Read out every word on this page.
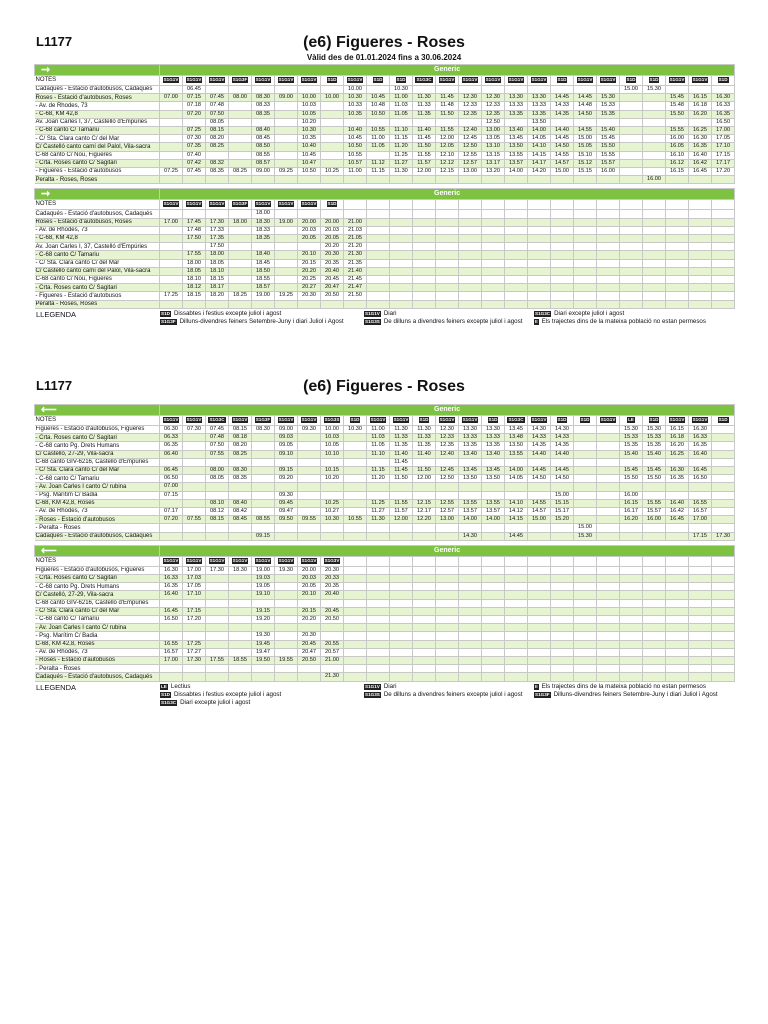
L1177	(e6) Figueres - Roses
Vàlid des de 01.01.2024 fins a 30.06.2024
➞	Generic																								
NOTES	S1G1V	S1G1V	S1G1V	S1G3F	S1G1V	S1G1V	S1G1V	S1D	S1G1V	S1D	S1D	S1G3C	S1G1V	S1G1V	S1G1V	S1G1V	S1G1V	S1D	S1G1V	S1G1V	S1D	S1D	S1G1V	S1G1V	S1D
Cadaqués - Estació d'autobusos, Cadaqués		06.45							10.00		10.30										15.00	15.30			
Roses - Estació d'autobusos, Roses	07.00	07.15	07.45	08.00	08.30	09.00	10.00	10.00	10.30	10.45	11.00	11.30	11.45	12.30	12.30	13.30	13.30	14.45	14.45	15.30			15.45	16.15	16.30
- Av. de Rhodes, 73		07.18	07.48		08.33		10.03		10.33	10.48	11.03	11.33	11.48	12.33	12.33	13.33	13.33	14.33	14.48	15.33			15.48	16.18	16.33
- C-68, KM 42,8		07.20	07.50		08.35		10.05		10.35	10.50	11.05	11.35	11.50	12.35	12.35	13.35	13.35	14.35	14.50	15.35			15.50	16.20	16.35
Av. Joan Carles I, 37, Castelló d'Empúries			08.05				10.20								12.50		13.50								16.50
- C-68 canto C/ Tamariu		07.25	08.15		08.40		10.30		10.40	10.55	11.10	11.40	11.55	12.40	13.00	13.40	14.00	14.40	14.55	15.40			15.55	16.25	17.00
- C/ Sta. Clara canto C/ del Mar		07.30	08.20		08.45		10.35		10.45	11.00	11.15	11.45	12.00	12.45	13.05	13.45	14.05	14.45	15.00	15.45			16.00	16.30	17.05
C/ Castelló canto camí del Palol, Vila-sacra		07.35	08.25		08.50		10.40		10.50	11.05	11.20	11.50	12.05	12.50	13.10	13.50	14.10	14.50	15.05	15.50			16.05	16.35	17.10
C-68 canto C/ Nou, Figueres		07.40			08.55		10.45		10.55		11.25	11.55	12.10	12.55	13.15	13.55	14.15	14.55	15.10	15.55			16.10	16.40	17.15
- Crta. Roses canto C/ Sagitari		07.42	08.32		08.57		10.47		10.57	11.12	11.27	11.57	12.12	12.57	13.17	13.57	14.17	14.57	15.12	15.57			16.12	16.42	17.17
- Figueres - Estació d'autobusos	07.25	07.45	08.35	08.25	09.00	09.25	10.50	10.25	11.00	11.15	11.30	12.00	12.15	13.00	13.20	14.00	14.20	15.00	15.15	16.00			16.15	16.45	17.20
Peralta - Roses, Roses																						16.00			
➞	Generic																								
NOTES	S1G1V	S1G1V	S1G1V	S1G3F	S1G1V	S1G1V	S1G1V	S1D																	
Cadaqués - Estació d'autobusos, Cadaqués					18.00																				
Roses - Estació d'autobusos, Roses	17.00	17.45	17.30	18.00	18.30	19.00	20.00	20.00	21.00																
- Av. de Rhodes, 73		17.48	17.33		18.33		20.03	20.03	21.03																
- C-68, KM 42,8		17.50	17.35		18.35		20.05	20.05	21.05																
Av. Joan Carles I, 37, Castelló d'Empúries			17.50					20.20	21.20																
- C-68 canto C/ Tamariu		17.55	18.00		18.40		20.10	20.30	21.30																
- C/ Sta. Clara canto C/ del Mar		18.00	18.05		18.45		20.15	20.35	21.35																
C/ Castelló canto camí del Palol, Vila-sacra		18.05	18.10		18.50		20.20	20.40	21.40																
C-68 canto C/ Nou, Figueres		18.10	18.15		18.55		20.25	20.45	21.45																
- Crta. Roses canto C/ Sagitari		18.12	18.17		18.57		20.27	20.47	21.47																
- Figueres - Estació d'autobusos	17.25	18.15	18.20	18.25	19.00	19.25	20.30	20.50	21.50																
Peralta - Roses, Roses																									
LLEGENDA	S1D Dissabtes i festius excepte juliol i agost	S1G1V Diari	S1G3C Diari excepte juliol i agost
S1G3F Dilluns-divendres feiners Setembre-Juny i diari Juliol i Agost	S1G3S De dilluns a divendres feiners excepte juliol i agost	II Els trajectes dins de la mateixa població no estan permesos
L1177	(e6) Figueres - Roses
⟵	Generic																								
NOTES	S1G1V	S1G1V	S1G3C	S1G1V	S1G3F	S1G1V	S1G1V	S1G3S	S1D	S1G1V	S1G1V	S1D	S1G1V	S1G1V	S1D	S1G3C	S1G1V	S1D	S1D	S1G1V	LE	S1D	S1G1V	S1G1V	S1D
Figueres - Estació d'autobusos, Figueres	06.30	07.30	07.45	08.15	08.30	09.00	09.30	10.00	10.30	11.00	11.30	11.30	12.30	13.30	13.30	13.45	14.30	14.30			15.30	15.30	16.15	16.30	
- Crta. Roses canto C/ Sagitari	06.33		07.48	08.18		09.03		10.03		11.03	11.33	11.33	12.33	13.33	13.33	13.48	14.33	14.33			15.33	15.33	16.18	16.33	
- C-68 canto Pg. Drets Humans	06.35		07.50	08.20		09.05		10.05		11.05	11.35	11.35	12.35	13.35	13.35	13.50	14.35	14.35			15.35	15.35	16.20	16.35	
C/ Castelló, 27-29, Vila-sacra	06.40		07.55	08.25		09.10		10.10		11.10	11.40	11.40	12.40	13.40	13.40	13.55	14.40	14.40			15.40	15.40	16.25	16.40	
C-68 canto GIV-6216, Castelló d'Empúries											11.45														
- C/ Sta. Clara canto C/ del Mar	06.45		08.00	08.30		09.15		10.15		11.15	11.45	11.50	12.45	13.45	13.45	14.00	14.45	14.45			15.45	15.45	16.30	16.45	
- C-68 canto C/ Tamariu	06.50		08.05	08.35		09.20		10.20		11.20	11.50	12.00	12.50	13.50	13.50	14.05	14.50	14.50			15.50	15.50	16.35	16.50	
- Av. Joan Carles I canto C/ rubina	07.00																								
- Psg. Marítim C/ Badia	07.15					09.30												15.00			16.00				
C-68, KM 42,8, Roses			08.10	08.40		09.45		10.25		11.25	11.55	12.15	12.55	13.55	13.55	14.10	14.55	15.15			16.15	15.55	16.40	16.55	
- Av. de Rhodes, 73	07.17		08.12	08.42		09.47		10.27		11.27	11.57	12.17	12.57	13.57	13.57	14.12	14.57	15.17			16.17	15.57	16.42	16.57	
- Roses - Estació d'autobusos	07.20	07.55	08.15	08.45	08.55	09.50	09.55	10.30	10.55	11.30	12.00	12.20	13.00	14.00	14.00	14.15	15.00	15.20			16.20	16.00	16.45	17.00	
- Peralta - Roses																			15.00						
Cadaqués - Estació d'autobusos, Cadaqués					09.15									14.30		14.45			15.30					17.15	17.30
⟵	Generic																								
NOTES	S1G1V	S1G1V	S1G1V	S1G1V	S1G1V	S1G1V	S1G1V	S1G3V																	
Figueres - Estació d'autobusos, Figueres	16.30	17.00	17.30	18.30	19.00	19.30	20.00	20.30																	
- Crta. Roses canto C/ Sagitari	16.33	17.03			19.03		20.03	20.33																	
- C-68 canto Pg. Drets Humans	16.35	17.05			19.05		20.05	20.35																	
C/ Castelló, 27-29, Vila-sacra	16.40	17.10			19.10		20.10	20.40																	
C-68 canto GIV-6216, Castelló d'Empúries																									
- C/ Sta. Clara canto C/ del Mar	16.45	17.15			19.15		20.15	20.45																	
- C-68 canto C/ Tamariu	16.50	17.20			19.20		20.20	20.50																	
- Av. Joan Carles I canto C/ rubina																									
- Psg. Marítim C/ Badia					19.30		20.30																		
C-68, KM 42,8, Roses	16.55	17.25			19.45		20.45	20.55																	
- Av. de Rhodes, 73	16.57	17.27			19.47		20.47	20.57																	
- Roses - Estació d'autobusos	17.00	17.30	17.55	18.55	19.50	19.55	20.50	21.00																	
- Peralta - Roses																									
Cadaqués - Estació d'autobusos, Cadaqués								21.30																	
LLEGENDA	LE Lectius	S1G1V Diari	II Els trajectes dins de la mateixa població no estan permesos
S1D Dissabtes i festius excepte juliol i agost	S1G3S De dilluns a divendres feiners excepte juliol i agost	S1G3F Dilluns-divendres feiners Setembre-Juny i diari Juliol i Agost
S1G3C Diari excepte juliol i agost
